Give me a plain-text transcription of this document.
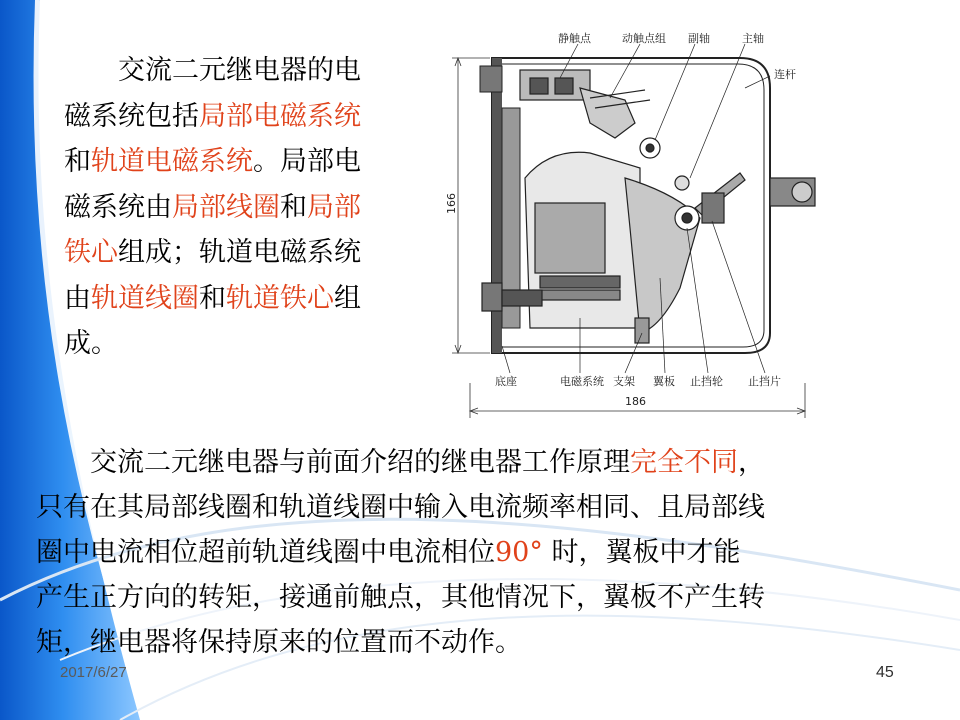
　　交流二元继电器的电磁系统包括局部电磁系统和轨道电磁系统。局部电磁系统由局部线圈和局部铁心组成；轨道电磁系统由轨道线圈和轨道铁心组成。

　　交流二元继电器与前面介绍的继电器工作原理完全不同，
只有在其局部线圈和轨道线圈中输入电流频率相同、且局部线
圈中电流相位超前轨道线圈中电流相位90° 时，翼板中才能
产生正方向的转矩，接通前触点，其他情况下，翼板不产生转
矩，继电器将保持原来的位置而不动作。
166
186
静触点	动触点组 副轴	主轴
连杆
底座	电磁系统 支架 翼板 止挡轮 止挡片
2017/6/27	45
